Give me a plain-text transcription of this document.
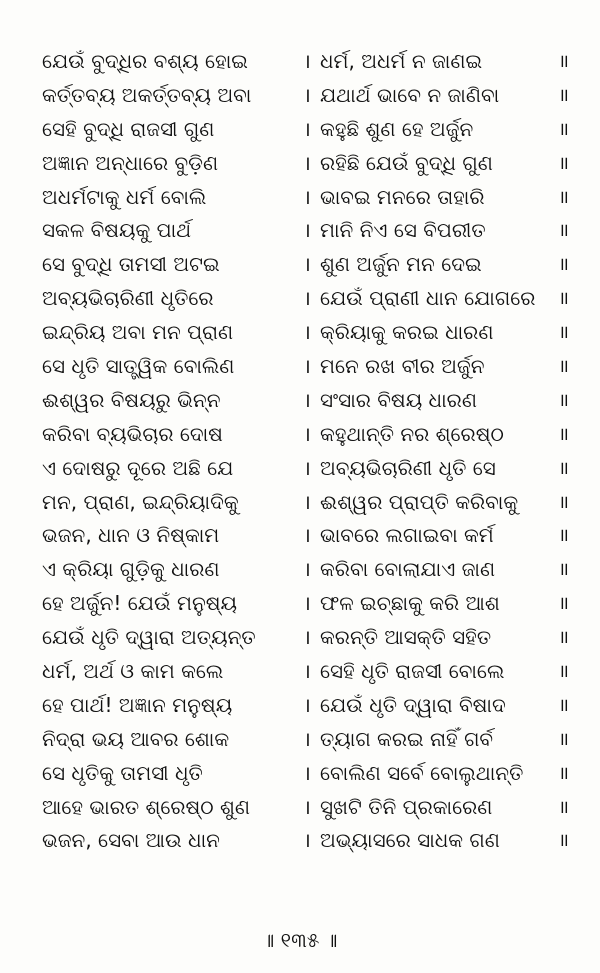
ଯେଉଁ ବୁଦ୍ଧିର ବଶ୍ୟ ହୋଇ	। ଧର୍ମ, ଅଧର୍ମ ନ ଜାଣଇ	॥
କର୍ତ୍ତବ୍ୟ ଅକର୍ତ୍ତବ୍ୟ ଅବା	। ଯଥାର୍ଥ ଭାବେ ନ ଜାଣିବା	॥
ସେହି ବୁଦ୍ଧି ରାଜସୀ ଗୁଣ	। କହୁଛି ଶୁଣ ହେ ଅର୍ଜୁନ	॥
ଅଜ୍ଞାନ ଅନ୍ଧାରେ ବୁଡ଼ିଣ	। ରହିଛି ଯେଉଁ ବୁଦ୍ଧି ଗୁଣ	॥
ଅଧର୍ମଟାକୁ ଧର୍ମ ବୋଲି	। ଭାବଇ ମନରେ ତାହାରି	॥
ସକଳ ବିଷୟକୁ ପାର୍ଥ	। ମାନି ନିଏ ସେ ବିପରୀତ	॥
ସେ ବୁଦ୍ଧି ତାମସୀ ଅଟଇ	। ଶୁଣ ଅର୍ଜୁନ ମନ ଦେଇ	॥
ଅବ୍ୟଭିଚାରିଣୀ ଧୃତିରେ	। ଯେଉଁ ପ୍ରାଣୀ ଧାନ ଯୋଗରେ	॥
ଇନ୍ଦ୍ରିୟ ଅବା ମନ ପ୍ରାଣ	। କ୍ରିୟାକୁ କରଇ ଧାରଣ	॥
ସେ ଧୃତି ସାତ୍ତ୍ୱିକ ବୋଲିଣ	। ମନେ ରଖ ବୀର ଅର୍ଜୁନ	॥
ଈଶ୍ୱର ବିଷୟରୁ ଭିନ୍ନ	। ସଂସାର ବିଷୟ ଧାରଣ	॥
କରିବା ବ୍ୟଭିଚାର ଦୋଷ	। କହୁଥାନ୍ତି ନର ଶ୍ରେଷ୍ଠ	॥
ଏ ଦୋଷରୁ ଦୂରେ ଅଛି ଯେ	। ଅବ୍ୟଭିଚାରିଣୀ ଧୃତି ସେ	॥
ମନ, ପ୍ରାଣ, ଇନ୍ଦ୍ରିୟାଦିକୁ	। ଈଶ୍ୱର ପ୍ରାପ୍ତି କରିବାକୁ	॥
ଭଜନ, ଧାନ ଓ ନିଷ୍କାମ	। ଭାବରେ ଲଗାଇବା କର୍ମ	॥
ଏ କ୍ରିୟା ଗୁଡ଼ିକୁ ଧାରଣ	। କରିବା ବୋଲାଯାଏ ଜାଣ	॥
ହେ ଅର୍ଜୁନ! ଯେଉଁ ମନୁଷ୍ୟ	। ଫଳ ଇଚ୍ଛାକୁ କରି ଆଶ	॥
ଯେଉଁ ଧୃତି ଦ୍ୱାରା ଅତ୍ୟନ୍ତ	। କରନ୍ତି ଆସକ୍ତି ସହିତ	॥
ଧର୍ମ, ଅର୍ଥ ଓ କାମ କଲେ	। ସେହି ଧୃତି ରାଜସୀ ବୋଲେ	॥
ହେ ପାର୍ଥ! ଅଜ୍ଞାନ ମନୁଷ୍ୟ	। ଯେଉଁ ଧୃତି ଦ୍ୱାରା ବିଷାଦ	॥
ନିଦ୍ରା ଭୟ ଆବର ଶୋକ	। ତ୍ୟାଗ କରଇ ନାହିଁ ଗର୍ବ	॥
ସେ ଧୃତିକୁ ତାମସୀ ଧୃତି	। ବୋଲିଣ ସର୍ବେ ବୋଲୁଥାନ୍ତି	॥
ଆହେ ଭାରତ ଶ୍ରେଷ୍ଠ ଶୁଣ	। ସୁଖଟି ତିନି ପ୍ରକାରେଣ	॥
ଭଜନ, ସେବା ଆଉ ଧାନ	। ଅଭ୍ୟାସରେ ସାଧକ ଗଣ	॥
॥ ୧୩୫ ॥
